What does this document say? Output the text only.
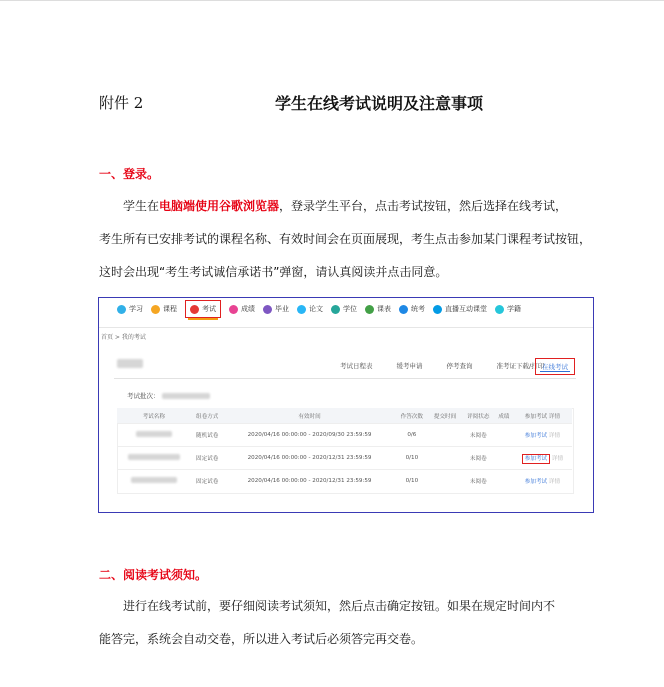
附件 2	学生在线考试说明及注意事项
一、登录。
学生在电脑端使用谷歌浏览器，登录学生平台，点击考试按钮，然后选择在线考试，
考生所有已安排考试的课程名称、有效时间会在页面展现，考生点击参加某门课程考试按钮，
这时会出现“考生考试诚信承诺书”弹窗，请认真阅读并点击同意。
学习	课程	考试	成绩	毕业	论文	学位	课表	统考	直播互动课堂	学籍
首页 > 我的考试
考试日程表	缓考申请	停考查询	准考证下载/打印
在线考试
考试批次：
考试名称	组卷方式	有效时间	作答次数	提交时间	评阅状态	成绩	参加考试 详情
	随机试卷	2020/04/16 00:00:00 - 2020/09/30 23:59:59	0/6		未阅卷		参加考试 详情
	固定试卷	2020/04/16 00:00:00 - 2020/12/31 23:59:59	0/10		未阅卷		参加考试 详情
	固定试卷	2020/04/16 00:00:00 - 2020/12/31 23:59:59	0/10		未阅卷		参加考试 详情
二、阅读考试须知。
进行在线考试前，要仔细阅读考试须知，然后点击确定按钮。如果在规定时间内不
能答完，系统会自动交卷，所以进入考试后必须答完再交卷。
